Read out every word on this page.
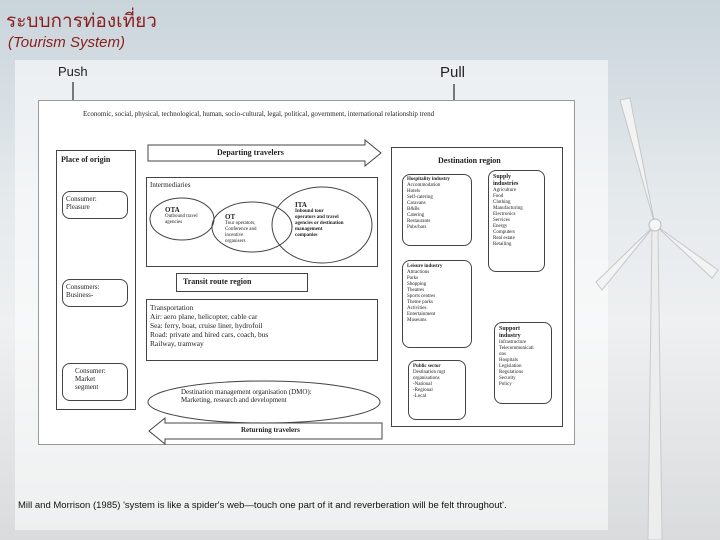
ระบบการท่องเที่ยว
(Tourism System)
Push	Pull
Economic, social, physical, technological, human, socio-cultural, legal, political, government, international relationship trend
Place of origin
Consumer:
Pleasure
Consumers:
Business-
Consumer:
Market
segment
Departing travelers
Intermediaries
OTA
Outbound travel
agencies
OT
Tour operators,
Conference and
incentive
organisers
ITA
Inbound tour
operators and travel
agencies or destination
management
companies
Transit route region
Transportation
Air: aero plane, helicopter, cable car
Sea: ferry, boat, cruise liner, hydrofoil
Road: private and hired cars, coach, bus
Railway, tramway
Destination management organisation (DMO):
Marketing, research and development
Returning travelers
Destination region
Hospitality industry
Accommodation
Hotels
Self-catering
Caravans
B&Bs
Catering
Restaurants
Pubs/bars
Supply
industries
Agriculture
Food
Clothing
Manufacturing
Electronics
Services
Energy
Computers
Real estate
Retailing
Leisure industry
Attractions
Parks
Shopping
Theatres
Sports centres
Theme parks
Activities
Entertainment
Museums
Support
industry
Infrastructure
Telecommunicati
ons
Hospitals
Legislation
Regulations
Security
Policy
Public sector
Destination mgt
organisations
-National
-Regional
-Local
Mill and Morrison (1985) 'system is like a spider's web—touch one part of it and reverberation will be felt throughout'.
